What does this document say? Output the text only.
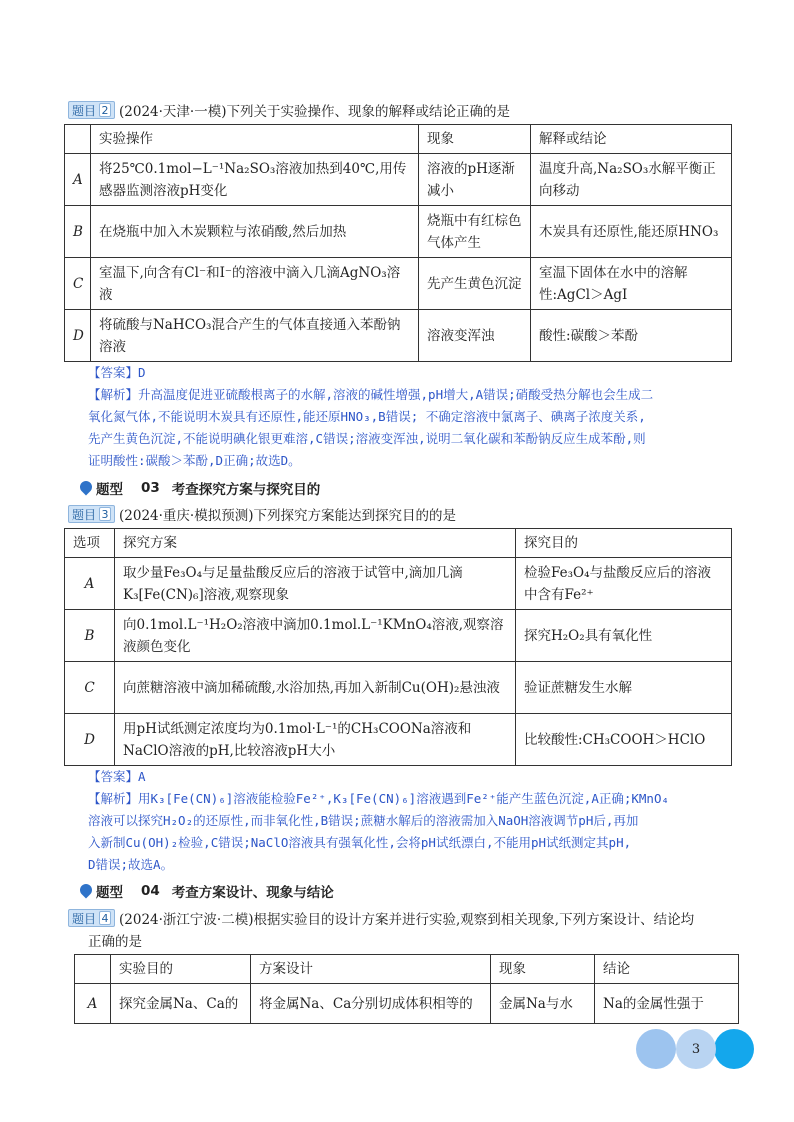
题目 2 (2024·天津·一模)下列关于实验操作、现象的解释或结论正确的是
	实验操作	现象	解释或结论
A	将25℃0.1mol−L⁻¹Na₂SO₃溶液加热到40℃,用传感器监测溶液pH变化	溶液的pH逐渐减小	温度升高,Na₂SO₃水解平衡正向移动
B	在烧瓶中加入木炭颗粒与浓硝酸,然后加热	烧瓶中有红棕色气体产生	木炭具有还原性,能还原HNO₃
C	室温下,向含有Cl⁻和I⁻的溶液中滴入几滴AgNO₃溶液	先产生黄色沉淀	室温下固体在水中的溶解性:AgCl＞AgI
D	将硫酸与NaHCO₃混合产生的气体直接通入苯酚钠溶液	溶液变浑浊	酸性:碳酸＞苯酚
【答案】D
【解析】升高温度促进亚硫酸根离子的水解,溶液的碱性增强,pH增大,A错误;硝酸受热分解也会生成二
氧化氮气体,不能说明木炭具有还原性,能还原HNO₃,B错误; 不确定溶液中氯离子、碘离子浓度关系,
先产生黄色沉淀,不能说明碘化银更难溶,C错误;溶液变浑浊,说明二氧化碳和苯酚钠反应生成苯酚,则
证明酸性:碳酸＞苯酚,D正确;故选D。
题型 03 考查探究方案与探究目的
题目 3 (2024·重庆·模拟预测)下列探究方案能达到探究目的的是
选项	探究方案	探究目的
A	取少量Fe₃O₄与足量盐酸反应后的溶液于试管中,滴加几滴K₃[Fe(CN)₆]溶液,观察现象	检验Fe₃O₄与盐酸反应后的溶液中含有Fe²⁺
B	向0.1mol.L⁻¹H₂O₂溶液中滴加0.1mol.L⁻¹KMnO₄溶液,观察溶液颜色变化	探究H₂O₂具有氧化性
C	向蔗糖溶液中滴加稀硫酸,水浴加热,再加入新制Cu(OH)₂悬浊液	验证蔗糖发生水解
D	用pH试纸测定浓度均为0.1mol·L⁻¹的CH₃COONa溶液和NaClO溶液的pH,比较溶液pH大小	比较酸性:CH₃COOH＞HClO
【答案】A
【解析】用K₃[Fe(CN)₆]溶液能检验Fe²⁺,K₃[Fe(CN)₆]溶液遇到Fe²⁺能产生蓝色沉淀,A正确;KMnO₄
溶液可以探究H₂O₂的还原性,而非氧化性,B错误;蔗糖水解后的溶液需加入NaOH溶液调节pH后,再加
入新制Cu(OH)₂检验,C错误;NaClO溶液具有强氧化性,会将pH试纸漂白,不能用pH试纸测定其pH,
D错误;故选A。
题型 04 考查方案设计、现象与结论
题目 4 (2024·浙江宁波·二模)根据实验目的设计方案并进行实验,观察到相关现象,下列方案设计、结论均
正确的是
	实验目的	方案设计	现象	结论
A	探究金属Na、Ca的	将金属Na、Ca分别切成体积相等的	金属Na与水	Na的金属性强于
3
